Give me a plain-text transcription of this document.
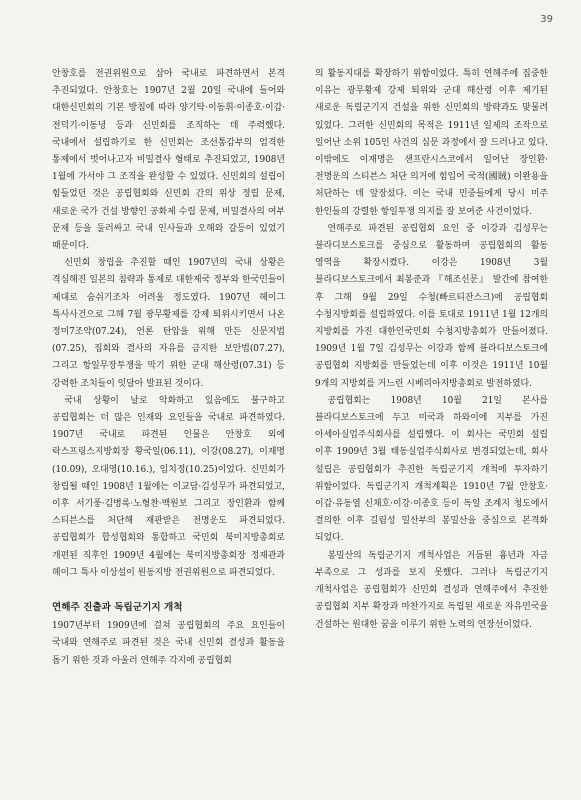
39

안창호를 전권위원으로 삼아 국내로 파견하면서 본격 추진되었다. 안창호는 1907년 2월 20일 국내에 들어와 대한신민회의 기본 방침에 따라 양기탁·이동휘·이종호·이갑·전덕기·이동녕 등과 신민회를 조직하는 데 주력했다. 국내에서 설립하기로 한 신민회는 조선통감부의 엄격한 통제에서 벗어나고자 비밀결사 형태로 추진되었고, 1908년 1월에 가서야 그 조직을 완성할 수 있었다. 신민회의 설립이 힘들었던 것은 공립협회와 신민회 간의 위상 정립 문제, 새로운 국가 건설 방향인 공화제 수립 문제, 비밀결사의 여부 문제 등을 둘러싸고 국내 인사들과 오해와 갈등이 있었기 때문이다.

신민회 창립을 추진할 때인 1907년의 국내 상황은 격심해진 일본의 침략과 통제로 대한제국 정부와 한국민들이 제대로 숨쉬기조차 어려울 정도였다. 1907년 헤이그 특사사건으로 그해 7월 광무황제를 강제 퇴위시키면서 나온 정미7조약(07.24), 언론 탄압을 위해 만든 신문지법(07.25), 집회와 결사의 자유를 금지한 보안법(07.27), 그리고 항일무장투쟁을 막기 위한 군대 해산령(07.31) 등 강력한 조치들이 잇달아 발표된 것이다.

국내 상황이 날로 악화하고 있음에도 불구하고 공립협회는 더 많은 인재와 요인들을 국내로 파견하였다. 1907년 국내로 파견된 인물은 안창호 외에 락스프링스지방회장 황국일(06.11), 이강(08.27), 이재명(10.09), 오대영(10.16.), 임치정(10.25)이었다. 신민회가 창립될 때인 1908년 1월에는 이교담·김성무가 파견되었고, 이후 서기풍·김병록·노형찬·백원보 그리고 장인환과 함께 스티븐스를 처단해 재판받은 전명운도 파견되었다. 공립협회가 합성협회와 통합하고 국민회 북미지방총회로 개편된 직후인 1909년 4월에는 북미지방총회장 정재관과 헤이그 특사 이상설이 원동지방 전권위원으로 파견되었다.

연해주 진출과 독립군기지 개척

1907년부터 1909년에 걸쳐 공립협회의 주요 요인들이 국내와 연해주로 파견된 것은 국내 신민회 결성과 활동을 돕기 위한 것과 아울러 연해주 각지에 공립협회

의 활동지대를 확장하기 위함이었다. 특히 연해주에 집중한 이유는 광무황제 강제 퇴위와 군대 해산령 이후 제기된 새로운 독립군기지 건설을 위한 신민회의 방략과도 맞물려 있었다. 그러한 신민회의 목적은 1911년 일제의 조작으로 일어난 소위 105인 사건의 심문 과정에서 잘 드러나고 있다. 이밖에도 이재명은 샌프란시스코에서 일어난 장인환·전명운의 스티븐스 처단 의거에 힘입어 국적(國賊) 이완용을 처단하는 데 앞장섰다. 이는 국내 민중들에게 당시 미주 한인들의 강렬한 항일투쟁 의지를 잘 보여준 사건이었다.

연해주로 파견된 공립협회 요인 중 이강과 김성무는 블라디보스토크를 중심으로 활동하며 공립협회의 활동 영역을 확장시켰다. 이강은 1908년 3월 블라디보스토크에서 최봉준과 『해조신문』 발간에 참여한 후 그해 9월 29일 수청(빠르티잔스크)에 공립협회 수청지방회를 설립하였다. 이를 토대로 1911년 1월 12개의 지방회를 가진 대한인국민회 수청지방총회가 만들어졌다. 1909년 1월 7일 김성무는 이강과 함께 블라디보스토크에 공립협회 지방회를 만들었는데 이후 이것은 1911년 10월 9개의 지방회를 거느린 시베리아지방총회로 발전하였다.

공립협회는 1908년 10월 21일 본사를 블라디보스토크에 두고 미국과 하와이에 지부를 가진 아세아실업주식회사를 설립했다. 이 회사는 국민회 설립 이후 1909년 3월 태동실업주식회사로 변경되었는데, 회사 설립은 공립협회가 추진한 독립군기지 개척에 투자하기 위함이었다. 독립군기지 개척계획은 1910년 7월 안창호·이갑·유동열 신채호·이강·이종호 등이 독일 조계지 청도에서 결의한 이후 길림성 밀산부의 봉밀산을 중심으로 본격화 되었다.

봉밀산의 독립군기지 개척사업은 거듭된 흉년과 자금 부족으로 그 성과를 보지 못했다. 그러나 독립군기지 개척사업은 공립협회가 신민회 결성과 연해주에서 추진한 공립협회 지부 확장과 마찬가지로 독립된 새로운 자유민국을 건설하는 원대한 꿈을 이루기 위한 노력의 연장선이었다.
